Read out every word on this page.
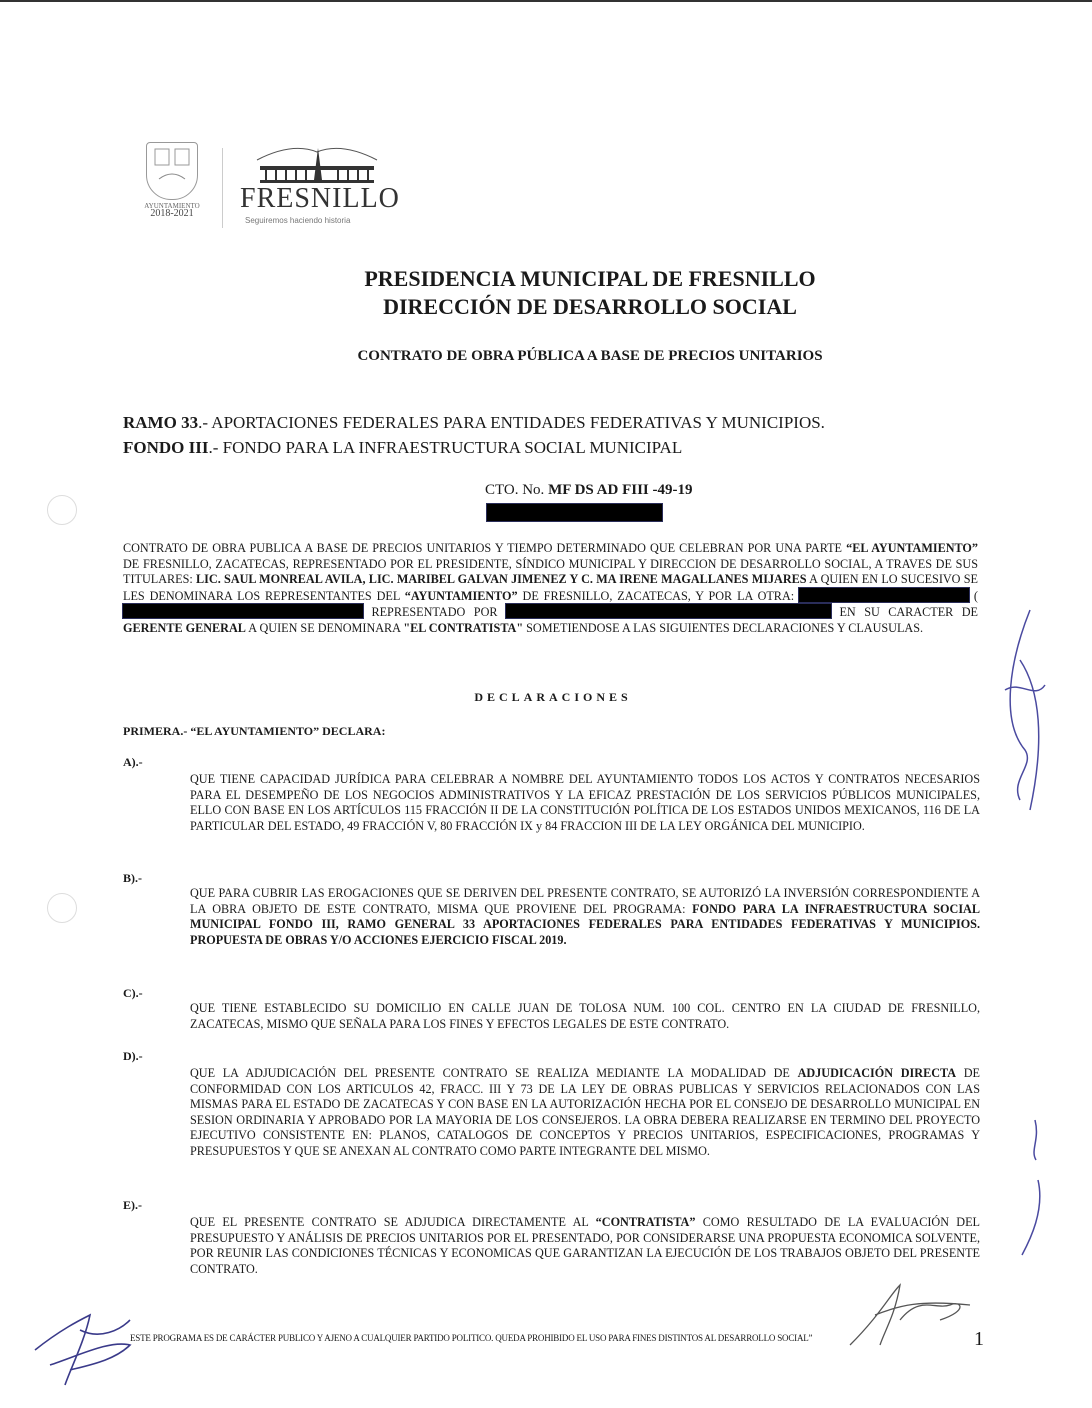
AYUNTAMIENTO
2018-2021	FRESNILLO
Seguiremos haciendo historia
PRESIDENCIA MUNICIPAL DE FRESNILLO
DIRECCIÓN DE DESARROLLO SOCIAL
CONTRATO DE OBRA PÚBLICA A BASE DE PRECIOS UNITARIOS
RAMO 33.- APORTACIONES FEDERALES PARA ENTIDADES FEDERATIVAS Y MUNICIPIOS.
FONDO III.- FONDO PARA LA INFRAESTRUCTURA SOCIAL MUNICIPAL
CTO. No. MF DS AD FIII -49-19
CONTRATO DE OBRA PUBLICA A BASE DE PRECIOS UNITARIOS Y TIEMPO DETERMINADO QUE CELEBRAN POR UNA PARTE “EL AYUNTAMIENTO” DE FRESNILLO, ZACATECAS, REPRESENTADO POR EL PRESIDENTE, SÍNDICO MUNICIPAL Y DIRECCION DE DESARROLLO SOCIAL, A TRAVES DE SUS TITULARES: LIC. SAUL MONREAL AVILA, LIC. MARIBEL GALVAN JIMENEZ Y C. MA IRENE MAGALLANES MIJARES A QUIEN EN LO SUCESIVO SE LES DENOMINARA LOS REPRESENTANTES DEL “AYUNTAMIENTO” DE FRESNILLO, ZACATECAS, Y POR LA OTRA:	( REPRESENTADO POR	EN SU CARACTER DE GERENTE GENERAL A QUIEN SE DENOMINARA "EL CONTRATISTA" SOMETIENDOSE A LAS SIGUIENTES DECLARACIONES Y CLAUSULAS.
DECLARACIONES
PRIMERA.- “EL AYUNTAMIENTO” DECLARA:
A).-
QUE TIENE CAPACIDAD JURÍDICA PARA CELEBRAR A NOMBRE DEL AYUNTAMIENTO TODOS LOS ACTOS Y CONTRATOS NECESARIOS PARA EL DESEMPEÑO DE LOS NEGOCIOS ADMINISTRATIVOS Y LA EFICAZ PRESTACIÓN DE LOS SERVICIOS PÚBLICOS MUNICIPALES, ELLO CON BASE EN LOS ARTÍCULOS 115 FRACCIÓN II DE LA CONSTITUCIÓN POLÍTICA DE LOS ESTADOS UNIDOS MEXICANOS, 116 DE LA PARTICULAR DEL ESTADO, 49 FRACCIÓN V, 80 FRACCIÓN IX y 84 FRACCION III DE LA LEY ORGÁNICA DEL MUNICIPIO.
B).-
QUE PARA CUBRIR LAS EROGACIONES QUE SE DERIVEN DEL PRESENTE CONTRATO, SE AUTORIZÓ LA INVERSIÓN CORRESPONDIENTE A LA OBRA OBJETO DE ESTE CONTRATO, MISMA QUE PROVIENE DEL PROGRAMA: FONDO PARA LA INFRAESTRUCTURA SOCIAL MUNICIPAL FONDO III, RAMO GENERAL 33 APORTACIONES FEDERALES PARA ENTIDADES FEDERATIVAS Y MUNICIPIOS. PROPUESTA DE OBRAS Y/O ACCIONES EJERCICIO FISCAL 2019.
C).-
QUE TIENE ESTABLECIDO SU DOMICILIO EN CALLE JUAN DE TOLOSA NUM. 100 COL. CENTRO EN LA CIUDAD DE FRESNILLO, ZACATECAS, MISMO QUE SEÑALA PARA LOS FINES Y EFECTOS LEGALES DE ESTE CONTRATO.
D).-
QUE LA ADJUDICACIÓN DEL PRESENTE CONTRATO SE REALIZA MEDIANTE LA MODALIDAD DE ADJUDICACIÓN DIRECTA DE CONFORMIDAD CON LOS ARTICULOS 42, FRACC. III Y 73 DE LA LEY DE OBRAS PUBLICAS Y SERVICIOS RELACIONADOS CON LAS MISMAS PARA EL ESTADO DE ZACATECAS Y CON BASE EN LA AUTORIZACIÓN HECHA POR EL CONSEJO DE DESARROLLO MUNICIPAL EN SESION ORDINARIA Y APROBADO POR LA MAYORIA DE LOS CONSEJEROS. LA OBRA DEBERA REALIZARSE EN TERMINO DEL PROYECTO EJECUTIVO CONSISTENTE EN: PLANOS, CATALOGOS DE CONCEPTOS Y PRECIOS UNITARIOS, ESPECIFICACIONES, PROGRAMAS Y PRESUPUESTOS Y QUE SE ANEXAN AL CONTRATO COMO PARTE INTEGRANTE DEL MISMO.
E).-
QUE EL PRESENTE CONTRATO SE ADJUDICA DIRECTAMENTE AL “CONTRATISTA” COMO RESULTADO DE LA EVALUACIÓN DEL PRESUPUESTO Y ANÁLISIS DE PRECIOS UNITARIOS POR EL PRESENTADO, POR CONSIDERARSE UNA PROPUESTA ECONOMICA SOLVENTE, POR REUNIR LAS CONDICIONES TÉCNICAS Y ECONOMICAS QUE GARANTIZAN LA EJECUCIÓN DE LOS TRABAJOS OBJETO DEL PRESENTE CONTRATO.
ESTE PROGRAMA ES DE CARÁCTER PUBLICO Y AJENO A CUALQUIER PARTIDO POLITICO. QUEDA PROHIBIDO EL USO PARA FINES DISTINTOS AL DESARROLLO SOCIAL”	1
